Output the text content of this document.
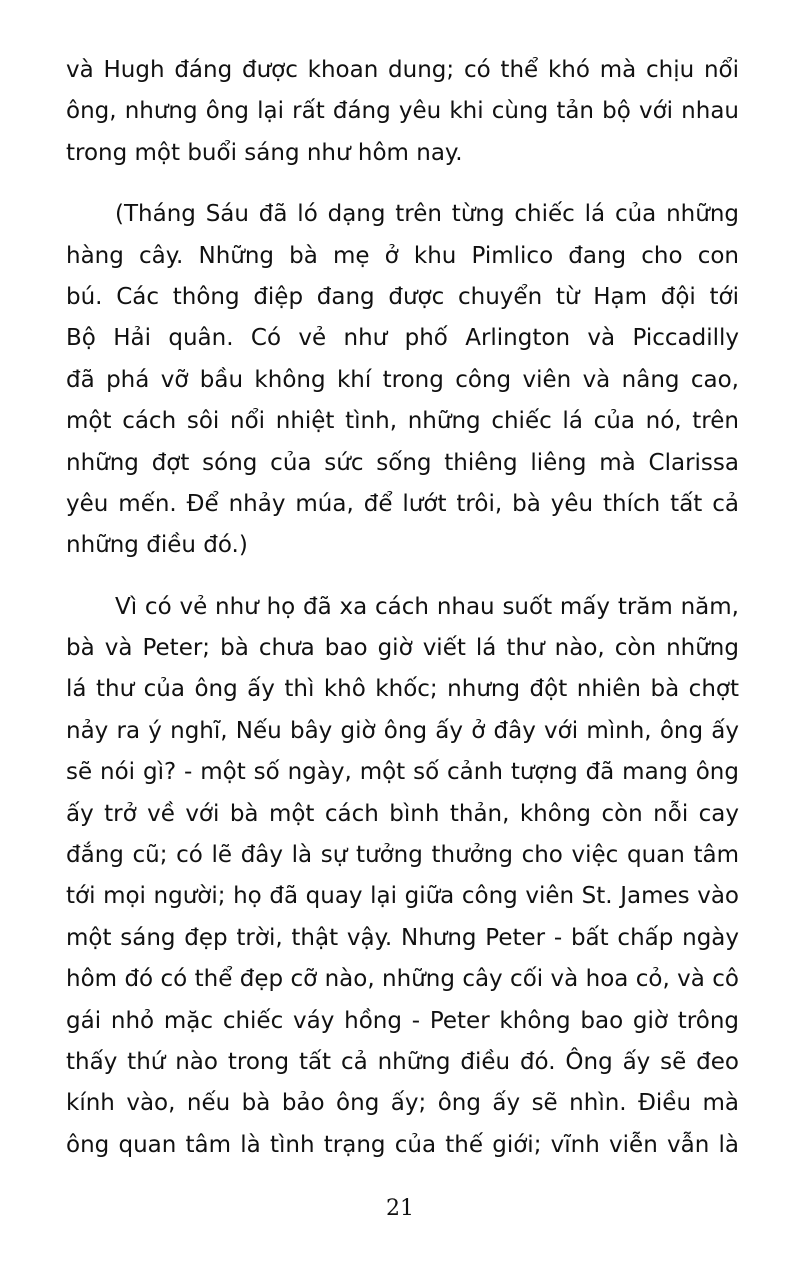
và Hugh đáng được khoan dung; có thể khó mà chịu nổi
ông, nhưng ông lại rất đáng yêu khi cùng tản bộ với nhau
trong một buổi sáng như hôm nay.
(Tháng Sáu đã ló dạng trên từng chiếc lá của những
hàng cây. Những bà mẹ ở khu Pimlico đang cho con
bú. Các thông điệp đang được chuyển từ Hạm đội tới
Bộ Hải quân. Có vẻ như phố Arlington và Piccadilly
đã phá vỡ bầu không khí trong công viên và nâng cao,
một cách sôi nổi nhiệt tình, những chiếc lá của nó, trên
những đợt sóng của sức sống thiêng liêng mà Clarissa
yêu mến. Để nhảy múa, để lướt trôi, bà yêu thích tất cả
những điều đó.)
Vì có vẻ như họ đã xa cách nhau suốt mấy trăm năm,
bà và Peter; bà chưa bao giờ viết lá thư nào, còn những
lá thư của ông ấy thì khô khốc; nhưng đột nhiên bà chợt
nảy ra ý nghĩ, Nếu bây giờ ông ấy ở đây với mình, ông ấy
sẽ nói gì? - một số ngày, một số cảnh tượng đã mang ông
ấy trở về với bà một cách bình thản, không còn nỗi cay
đắng cũ; có lẽ đây là sự tưởng thưởng cho việc quan tâm
tới mọi người; họ đã quay lại giữa công viên St. James vào
một sáng đẹp trời, thật vậy. Nhưng Peter - bất chấp ngày
hôm đó có thể đẹp cỡ nào, những cây cối và hoa cỏ, và cô
gái nhỏ mặc chiếc váy hồng - Peter không bao giờ trông
thấy thứ nào trong tất cả những điều đó. Ông ấy sẽ đeo
kính vào, nếu bà bảo ông ấy; ông ấy sẽ nhìn. Điều mà
ông quan tâm là tình trạng của thế giới; vĩnh viễn vẫn là
21
